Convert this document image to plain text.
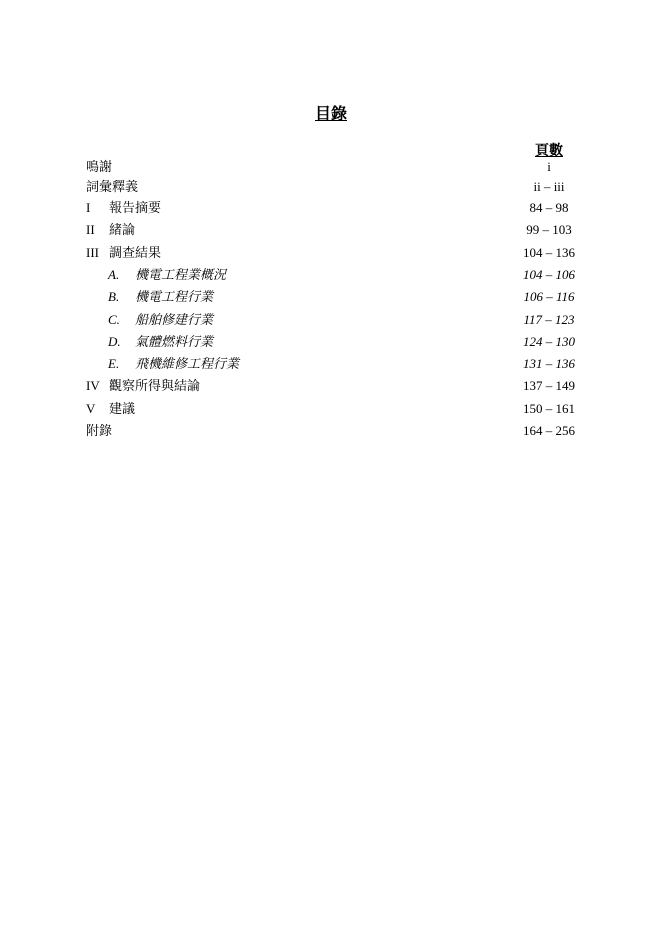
目錄
頁數
鳴謝	i
詞彙釋義	ii – iii
I 報告摘要	84 – 98
II 緒論	99 – 103
III 調查結果	104 – 136
A. 機電工程業概況	104 – 106
B. 機電工程行業	106 – 116
C. 船舶修建行業	117 – 123
D. 氣體燃料行業	124 – 130
E. 飛機維修工程行業	131 – 136
IV 觀察所得與結論	137 – 149
V 建議	150 – 161
附錄	164 – 256
